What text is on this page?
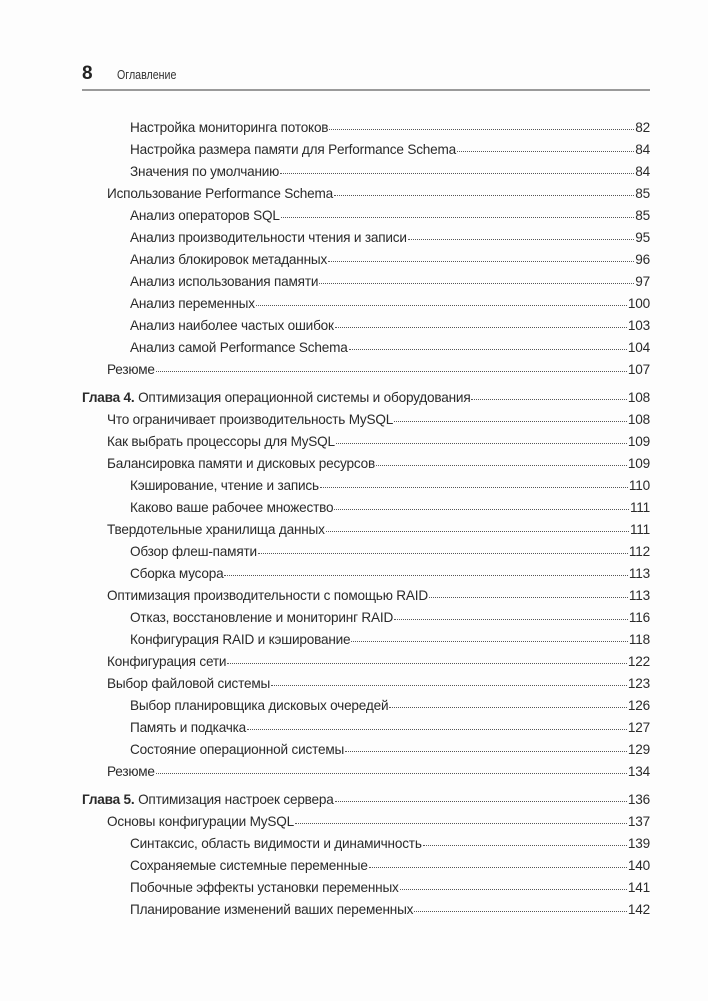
8 Оглавление
Настройка мониторинга потоков	82
Настройка размера памяти для Performance Schema	84
Значения по умолчанию	84
Использование Performance Schema	85
Анализ операторов SQL	85
Анализ производительности чтения и записи	95
Анализ блокировок метаданных	96
Анализ использования памяти	97
Анализ переменных	100
Анализ наиболее частых ошибок	103
Анализ самой Performance Schema	104
Резюме	107
Глава 4. Оптимизация операционной системы и оборудования	108
Что ограничивает производительность MySQL	108
Как выбрать процессоры для MySQL	109
Балансировка памяти и дисковых ресурсов	109
Кэширование, чтение и запись	110
Каково ваше рабочее множество	111
Твердотельные хранилища данных	111
Обзор флеш-памяти	112
Сборка мусора	113
Оптимизация производительности с помощью RAID	113
Отказ, восстановление и мониторинг RAID	116
Конфигурация RAID и кэширование	118
Конфигурация сети	122
Выбор файловой системы	123
Выбор планировщика дисковых очередей	126
Память и подкачка	127
Состояние операционной системы	129
Резюме	134
Глава 5. Оптимизация настроек сервера	136
Основы конфигурации MySQL	137
Синтаксис, область видимости и динамичность	139
Сохраняемые системные переменные	140
Побочные эффекты установки переменных	141
Планирование изменений ваших переменных	142
